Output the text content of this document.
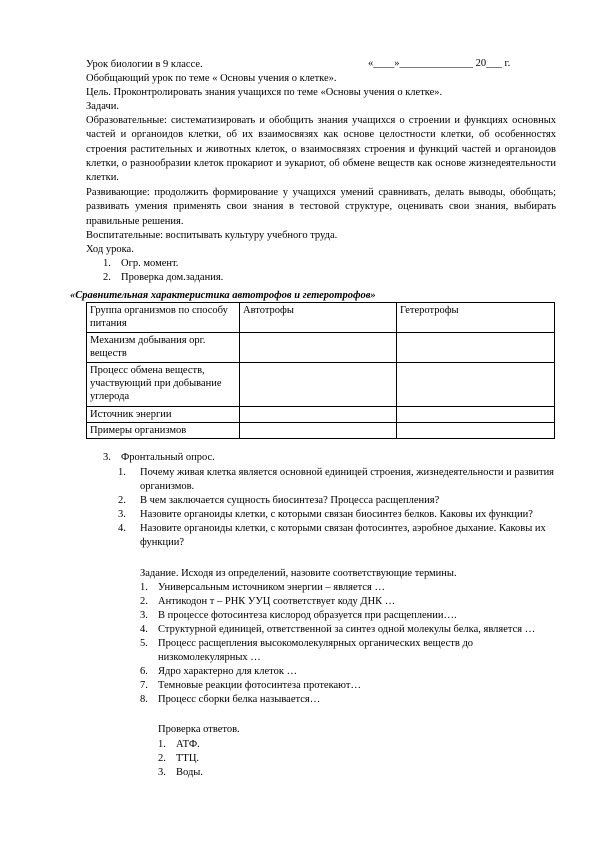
Урок биологии в 9 классе.	«____»______________ 20___ г.
Обобщающий урок по теме « Основы учения о клетке».
Цель. Проконтролировать знания учащихся по теме «Основы учения о клетке».
Задачи.
Образовательные: систематизировать и обобщить знания учащихся о строении и функциях основных частей и органоидов клетки, об их взаимосвязях как основе целостности клетки, об особенностях строения растительных и животных клеток, о взаимосвязях строения и функций частей и органоидов клетки, о разнообразии клеток прокариот и эукариот, об обмене веществ как основе жизнедеятельности клетки.
Развивающие: продолжить формирование у учащихся умений сравнивать, делать выводы, обобщать; развивать умения применять свои знания в тестовой структуре, оценивать свои знания, выбирать правильные решения.
Воспитательные: воспитывать культуру учебного труда.
Ход урока.
1. Огр. момент.
2. Проверка дом.задания.
«Сравнительная характеристика автотрофов и гетеротрофов»
Группа организмов по способу питания	Автотрофы	Гетеротрофы
Механизм добывания орг. веществ		
Процесс обмена веществ, участвующий при добывание углерода		
Источник энергии		
Примеры организмов		
3. Фронтальный опрос.
1. Почему живая клетка является основной единицей строения, жизнедеятельности и развития организмов.
2. В чем заключается сущность биосинтеза? Процесса расщепления?
3. Назовите органоиды клетки, с которыми связан биосинтез белков. Каковы их функции?
4. Назовите органоиды клетки, с которыми связан фотосинтез, аэробное дыхание. Каковы их функции?
Задание. Исходя из определений, назовите соответствующие термины.
1. Универсальным источником энергии – является …
2. Антикодон т – РНК УУЦ соответствует коду ДНК …
3. В процессе фотосинтеза кислород образуется при расщеплении….
4. Структурной единицей, ответственной за синтез одной молекулы белка, является …
5. Процесс расщепления высокомолекулярных органических веществ до низкомолекулярных …
6. Ядро характерно для клеток …
7. Темновые реакции фотосинтеза протекают…
8. Процесс сборки белка называется…
Проверка ответов.
1. АТФ.
2. ТТЦ.
3. Воды.
